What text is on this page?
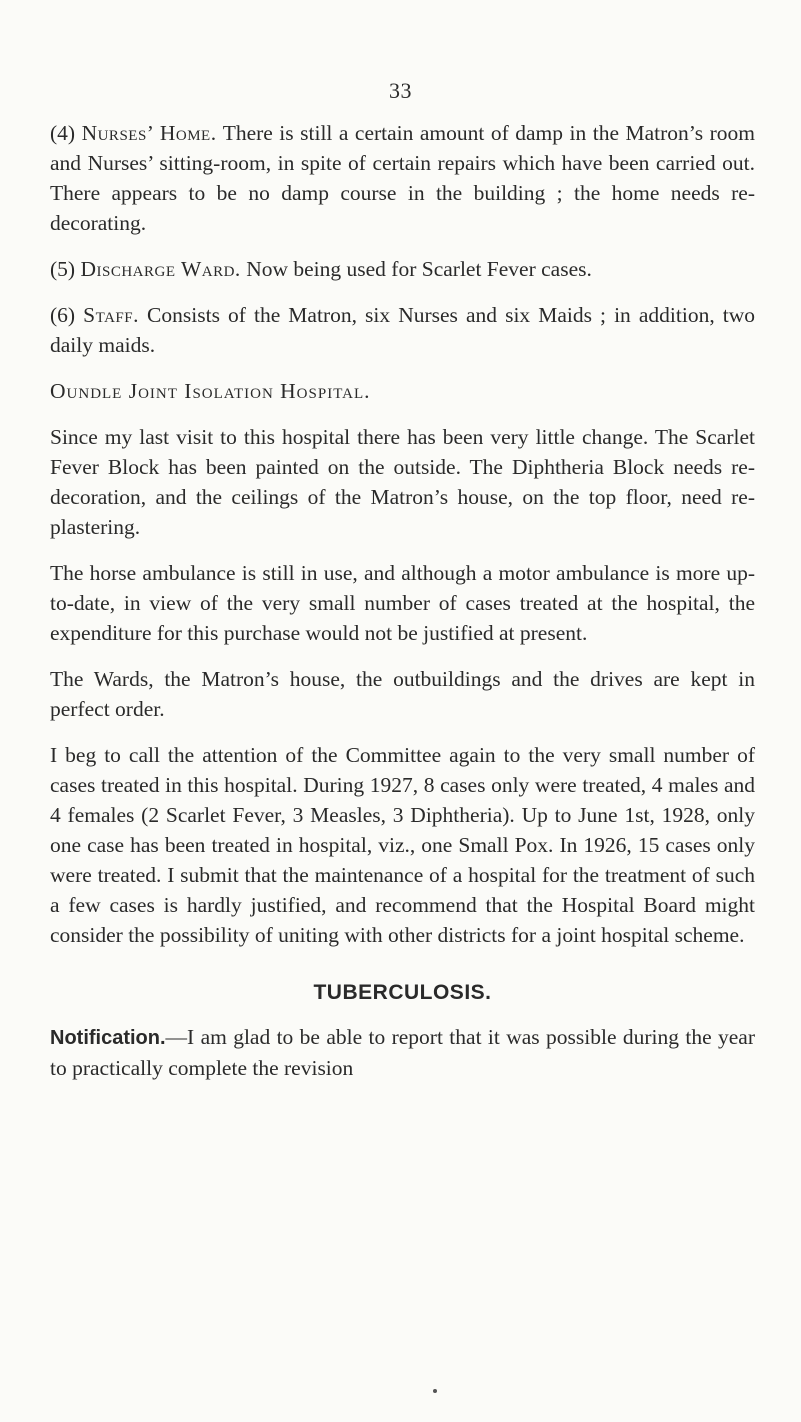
33

(4) Nurses’ Home. There is still a certain amount of damp in the Matron’s room and Nurses’ sitting-room, in spite of certain repairs which have been carried out. There appears to be no damp course in the building ; the home needs re-decorating.

(5) Discharge Ward. Now being used for Scarlet Fever cases.

(6) Staff. Consists of the Matron, six Nurses and six Maids ; in addition, two daily maids.

Oundle Joint Isolation Hospital.

Since my last visit to this hospital there has been very little change. The Scarlet Fever Block has been painted on the outside. The Diphtheria Block needs re-decoration, and the ceilings of the Matron’s house, on the top floor, need re-plastering.

The horse ambulance is still in use, and although a motor ambulance is more up-to-date, in view of the very small number of cases treated at the hospital, the expenditure for this purchase would not be justified at present.

The Wards, the Matron’s house, the outbuildings and the drives are kept in perfect order.

I beg to call the attention of the Committee again to the very small number of cases treated in this hospital. During 1927, 8 cases only were treated, 4 males and 4 females (2 Scarlet Fever, 3 Measles, 3 Diphtheria). Up to June 1st, 1928, only one case has been treated in hospital, viz., one Small Pox. In 1926, 15 cases only were treated. I submit that the maintenance of a hospital for the treatment of such a few cases is hardly justified, and recommend that the Hospital Board might consider the possibility of uniting with other districts for a joint hospital scheme.

TUBERCULOSIS.

Notification.—I am glad to be able to report that it was possible during the year to practically complete the revision
